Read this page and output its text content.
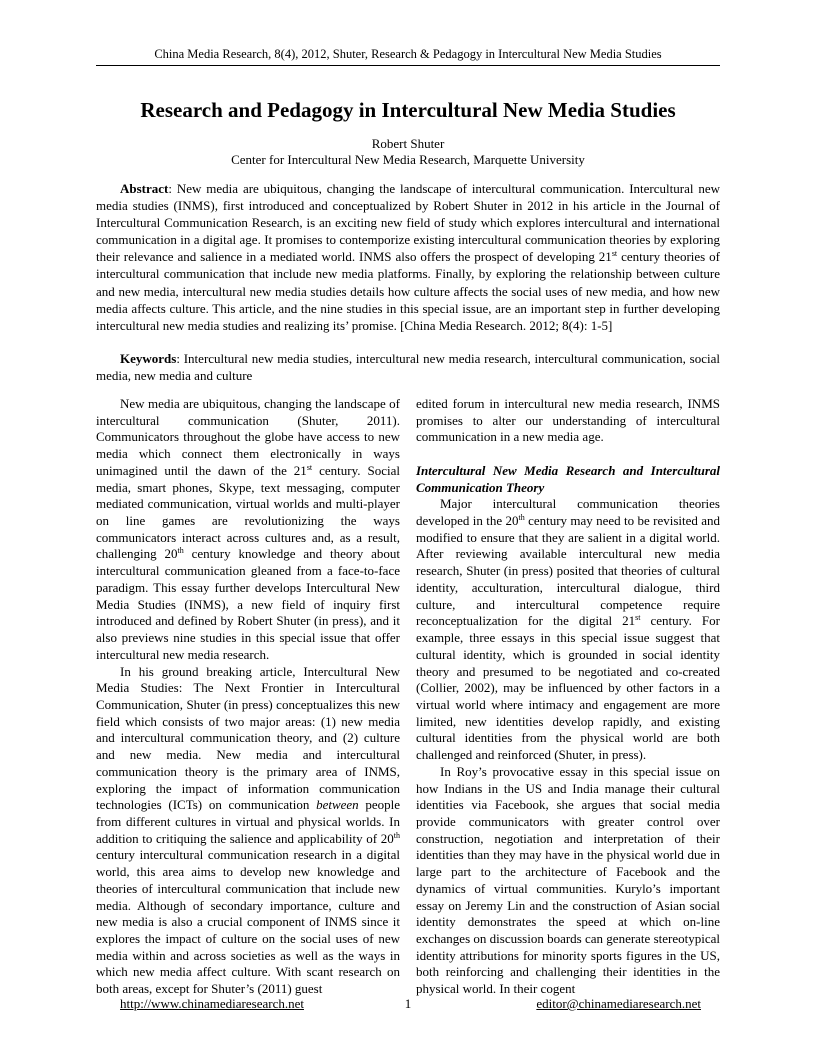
China Media Research, 8(4), 2012, Shuter, Research & Pedagogy in Intercultural New Media Studies
Research and Pedagogy in Intercultural New Media Studies
Robert Shuter
Center for Intercultural New Media Research, Marquette University

Abstract: New media are ubiquitous, changing the landscape of intercultural communication. Intercultural new media studies (INMS), first introduced and conceptualized by Robert Shuter in 2012 in his article in the Journal of Intercultural Communication Research, is an exciting new field of study which explores intercultural and international communication in a digital age. It promises to contemporize existing intercultural communication theories by exploring their relevance and salience in a mediated world. INMS also offers the prospect of developing 21st century theories of intercultural communication that include new media platforms. Finally, by exploring the relationship between culture and new media, intercultural new media studies details how culture affects the social uses of new media, and how new media affects culture. This article, and the nine studies in this special issue, are an important step in further developing intercultural new media studies and realizing its’ promise. [China Media Research. 2012; 8(4): 1-5]

Keywords: Intercultural new media studies, intercultural new media research, intercultural communication, social media, new media and culture

New media are ubiquitous, changing the landscape of intercultural communication (Shuter, 2011). Communicators throughout the globe have access to new media which connect them electronically in ways unimagined until the dawn of the 21st century. Social media, smart phones, Skype, text messaging, computer mediated communication, virtual worlds and multi-player on line games are revolutionizing the ways communicators interact across cultures and, as a result, challenging 20th century knowledge and theory about intercultural communication gleaned from a face-to-face paradigm. This essay further develops Intercultural New Media Studies (INMS), a new field of inquiry first introduced and defined by Robert Shuter (in press), and it also previews nine studies in this special issue that offer intercultural new media research.

In his ground breaking article, Intercultural New Media Studies: The Next Frontier in Intercultural Communication, Shuter (in press) conceptualizes this new field which consists of two major areas: (1) new media and intercultural communication theory, and (2) culture and new media. New media and intercultural communication theory is the primary area of INMS, exploring the impact of information communication technologies (ICTs) on communication between people from different cultures in virtual and physical worlds. In addition to critiquing the salience and applicability of 20th century intercultural communication research in a digital world, this area aims to develop new knowledge and theories of intercultural communication that include new media. Although of secondary importance, culture and new media is also a crucial component of INMS since it explores the impact of culture on the social uses of new media within and across societies as well as the ways in which new media affect culture. With scant research on both areas, except for Shuter’s (2011) guest

edited forum in intercultural new media research, INMS promises to alter our understanding of intercultural communication in a new media age.

Intercultural New Media Research and Intercultural Communication Theory

Major intercultural communication theories developed in the 20th century may need to be revisited and modified to ensure that they are salient in a digital world. After reviewing available intercultural new media research, Shuter (in press) posited that theories of cultural identity, acculturation, intercultural dialogue, third culture, and intercultural competence require reconceptualization for the digital 21st century. For example, three essays in this special issue suggest that cultural identity, which is grounded in social identity theory and presumed to be negotiated and co-created (Collier, 2002), may be influenced by other factors in a virtual world where intimacy and engagement are more limited, new identities develop rapidly, and existing cultural identities from the physical world are both challenged and reinforced (Shuter, in press).

In Roy’s provocative essay in this special issue on how Indians in the US and India manage their cultural identities via Facebook, she argues that social media provide communicators with greater control over construction, negotiation and interpretation of their identities than they may have in the physical world due in large part to the architecture of Facebook and the dynamics of virtual communities. Kurylo’s important essay on Jeremy Lin and the construction of Asian social identity demonstrates the speed at which on-line exchanges on discussion boards can generate stereotypical identity attributions for minority sports figures in the US, both reinforcing and challenging their identities in the physical world. In their cogent

http://www.chinamediaresearch.net	1	editor@chinamediaresearch.net
